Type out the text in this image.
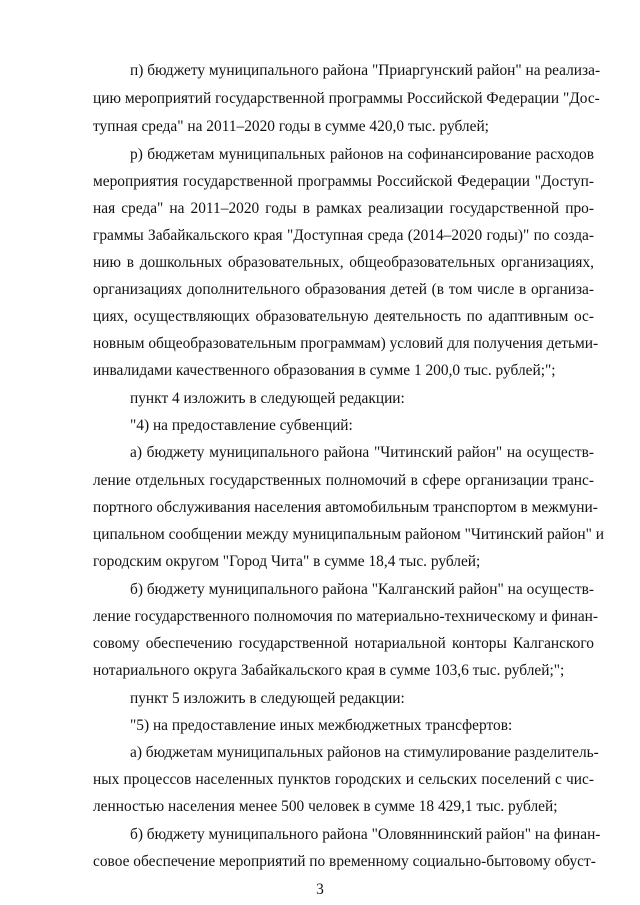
п) бюджету муниципального района "Приаргунский район" на реализа-
цию мероприятий государственной программы Российской Федерации "Дос-
тупная среда" на 2011–2020 годы в сумме 420,0 тыс. рублей;
р) бюджетам муниципальных районов на софинансирование расходов
мероприятия государственной программы Российской Федерации "Доступ-
ная среда" на 2011–2020 годы в рамках реализации государственной про-
граммы Забайкальского края "Доступная среда (2014–2020 годы)" по созда-
нию в дошкольных образовательных, общеобразовательных организациях,
организациях дополнительного образования детей (в том числе в организа-
циях, осуществляющих образовательную деятельность по адаптивным ос-
новным общеобразовательным программам) условий для получения детьми-
инвалидами качественного образования в сумме 1 200,0 тыс. рублей;";
пункт 4 изложить в следующей редакции:
"4) на предоставление субвенций:
а) бюджету муниципального района "Читинский район" на осуществ-
ление отдельных государственных полномочий в сфере организации транс-
портного обслуживания населения автомобильным транспортом в межмуни-
ципальном сообщении между муниципальным районом "Читинский район" и
городским округом "Город Чита" в сумме 18,4 тыс. рублей;
б) бюджету муниципального района "Калганский район" на осуществ-
ление государственного полномочия по материально-техническому и финан-
совому обеспечению государственной нотариальной конторы Калганского
нотариального округа Забайкальского края в сумме 103,6 тыс. рублей;";
пункт 5 изложить в следующей редакции:
"5) на предоставление иных межбюджетных трансфертов:
а) бюджетам муниципальных районов на стимулирование разделитель-
ных процессов населенных пунктов городских и сельских поселений с чис-
ленностью населения менее 500 человек в сумме 18 429,1 тыс. рублей;
б) бюджету муниципального района "Оловяннинский район" на финан-
совое обеспечение мероприятий по временному социально-бытовому обуст-
3
